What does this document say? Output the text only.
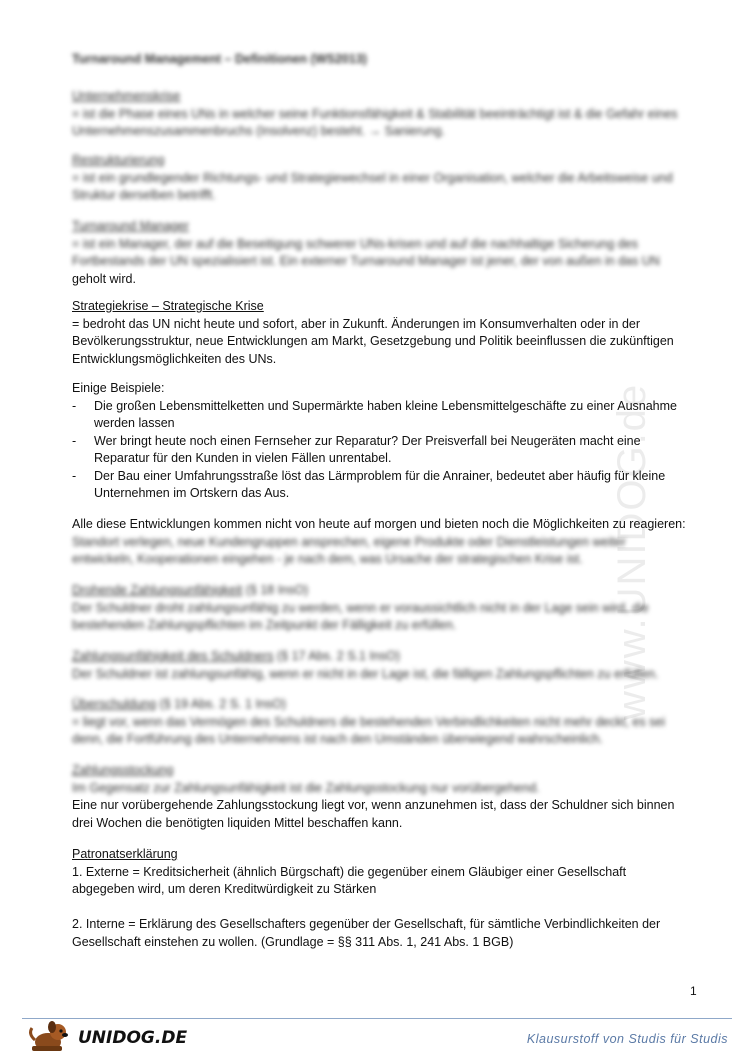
www.UNIDOG.de
Turnaround Management – Definitionen (WS2013)

Unternehmenskrise

= ist die Phase eines UNs in welcher seine Funktionsfähigkeit & Stabilität beeinträchtigt ist & die Gefahr eines Unternehmenszusammenbruchs (Insolvenz) besteht. → Sanierung.

Restrukturierung

= ist ein grundlegender Richtungs- und Strategiewechsel in einer Organisation, welcher die Arbeitsweise und Struktur derselben betrifft.

Turnaround Manager

= ist ein Manager, der auf die Beseitigung schwerer UNs-krisen und auf die nachhaltige Sicherung des Fortbestands der UN spezialisiert ist. Ein externer Turnaround Manager ist jener, der von außen in das UN

geholt wird.

Strategiekrise – Strategische Krise

= bedroht das UN nicht heute und sofort, aber in Zukunft. Änderungen im Konsumverhalten oder in der

Bevölkerungsstruktur, neue Entwicklungen am Markt, Gesetzgebung und Politik beeinflussen die zukünftigen

Entwicklungsmöglichkeiten des UNs.

Einige Beispiele:

- Die großen Lebensmittelketten und Supermärkte haben kleine Lebensmittelgeschäfte zu einer Ausnahme
werden lassen
- Wer bringt heute noch einen Fernseher zur Reparatur? Der Preisverfall bei Neugeräten macht eine
Reparatur für den Kunden in vielen Fällen unrentabel.
- Der Bau einer Umfahrungsstraße löst das Lärmproblem für die Anrainer, bedeutet aber häufig für kleine
Unternehmen im Ortskern das Aus.

Alle diese Entwicklungen kommen nicht von heute auf morgen und bieten noch die Möglichkeiten zu reagieren:

Standort verlegen, neue Kundengruppen ansprechen, eigene Produkte oder Dienstleistungen weiter entwickeln, Kooperationen eingehen - je nach dem, was Ursache der strategischen Krise ist.

Drohende Zahlungsunfähigkeit (§ 18 InsO)

Der Schuldner droht zahlungsunfähig zu werden, wenn er voraussichtlich nicht in der Lage sein wird, die bestehenden Zahlungspflichten im Zeitpunkt der Fälligkeit zu erfüllen.

Zahlungsunfähigkeit des Schuldners (§ 17 Abs. 2 S.1 InsO)

Der Schuldner ist zahlungsunfähig, wenn er nicht in der Lage ist, die fälligen Zahlungspflichten zu erfüllen.

Überschuldung (§ 19 Abs. 2 S. 1 InsO)

= liegt vor, wenn das Vermögen des Schuldners die bestehenden Verbindlichkeiten nicht mehr deckt, es sei denn, die Fortführung des Unternehmens ist nach den Umständen überwiegend wahrscheinlich.

Zahlungsstockung

Im Gegensatz zur Zahlungsunfähigkeit ist die Zahlungsstockung nur vorübergehend.

Eine nur vorübergehende Zahlungsstockung liegt vor, wenn anzunehmen ist, dass der Schuldner sich binnen

drei Wochen die benötigten liquiden Mittel beschaffen kann.

Patronatserklärung

1. Externe = Kreditsicherheit (ähnlich Bürgschaft) die gegenüber einem Gläubiger einer Gesellschaft

abgegeben wird, um deren Kreditwürdigkeit zu Stärken

2. Interne = Erklärung des Gesellschafters gegenüber der Gesellschaft, für sämtliche Verbindlichkeiten der

Gesellschaft einstehen zu wollen. (Grundlage = §§ 311 Abs. 1, 241 Abs. 1 BGB)

1
UNIDOG.DE	Klausurstoff von Studis für Studis
